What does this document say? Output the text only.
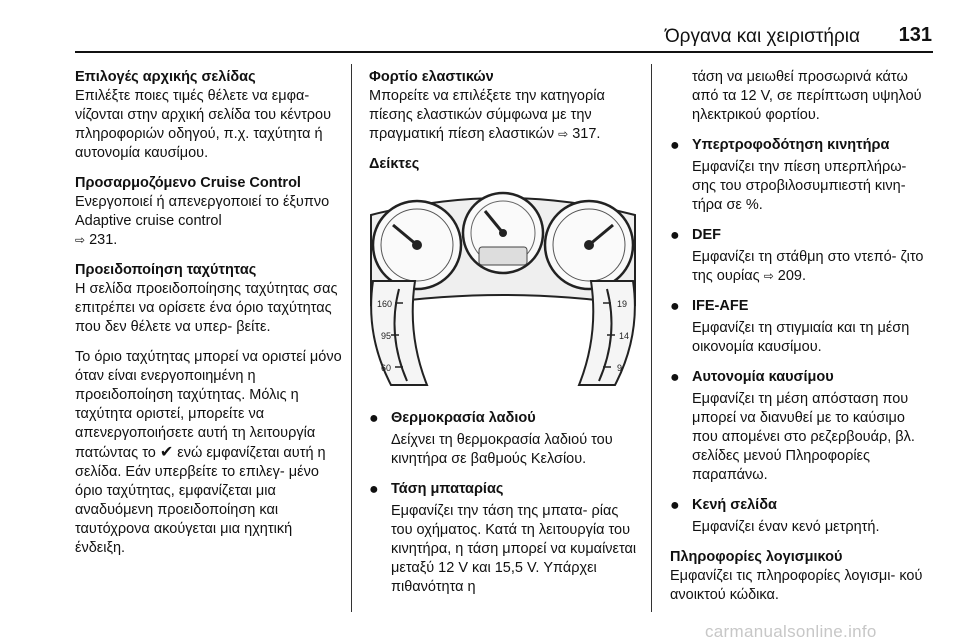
Όργανα και χειριστήρια	131

Επιλογές αρχικής σελίδας
Επιλέξτε ποιες τιμές θέλετε να εμφα‐ νίζονται στην αρχική σελίδα του κέντρου πληροφοριών οδηγού, π.χ. ταχύτητα ή αυτονομία καυσίμου.

Προσαρμοζόμενο Cruise Control
Ενεργοποιεί ή απενεργοποιεί το έξυπνο Adaptive cruise control
⇨ 231.

Προειδοποίηση ταχύτητας
Η σελίδα προειδοποίησης ταχύτητας σας επιτρέπει να ορίσετε ένα όριο ταχύτητας που δεν θέλετε να υπερ‐ βείτε.

Το όριο ταχύτητας μπορεί να οριστεί μόνο όταν είναι ενεργοποιημένη η προειδοποίηση ταχύτητας. Μόλις η ταχύτητα οριστεί, μπορείτε να απενεργοποιήσετε αυτή τη λειτουργία πατώντας το ✔ ενώ εμφανίζεται αυτή η σελίδα. Εάν υπερβείτε το επιλεγ‐ μένο όριο ταχύτητας, εμφανίζεται μια αναδυόμενη προειδοποίηση και ταυτόχρονα ακούγεται μια ηχητική ένδειξη.

Φορτίο ελαστικών
Μπορείτε να επιλέξετε την κατηγορία πίεσης ελαστικών σύμφωνα με την πραγματική πίεση ελαστικών ⇨ 317.

Δείκτες

160
95
60
19
14
9
● Θερμοκρασία λαδιού
Δείχνει τη θερμοκρασία λαδιού του κινητήρα σε βαθμούς Κελσίου.
● Τάση μπαταρίας
Εμφανίζει την τάση της μπατα‐ ρίας του οχήματος. Κατά τη λειτουργία του κινητήρα, η τάση μπορεί να κυμαίνεται μεταξύ 12 V και 15,5 V. Υπάρχει πιθανότητα η
τάση να μειωθεί προσωρινά κάτω από τα 12 V, σε περίπτωση υψηλού ηλεκτρικού φορτίου.
● Υπερτροφοδότηση κινητήρα
Εμφανίζει την πίεση υπερπλήρω‐ σης του στροβιλοσυμπιεστή κινη‐ τήρα σε %.
● DEF
Εμφανίζει τη στάθμη στο ντεπό‐ ζιτο της ουρίας ⇨ 209.
● IFE-AFE
Εμφανίζει τη στιγμιαία και τη μέση οικονομία καυσίμου.
● Αυτονομία καυσίμου
Εμφανίζει τη μέση απόσταση που μπορεί να διανυθεί με το καύσιμο που απομένει στο ρεζερβουάρ, βλ. σελίδες μενού Πληροφορίες παραπάνω.
● Κενή σελίδα
Εμφανίζει έναν κενό μετρητή.

Πληροφορίες λογισμικού
Εμφανίζει τις πληροφορίες λογισμι‐ κού ανοικτού κώδικα.

carmanualsonline.info
